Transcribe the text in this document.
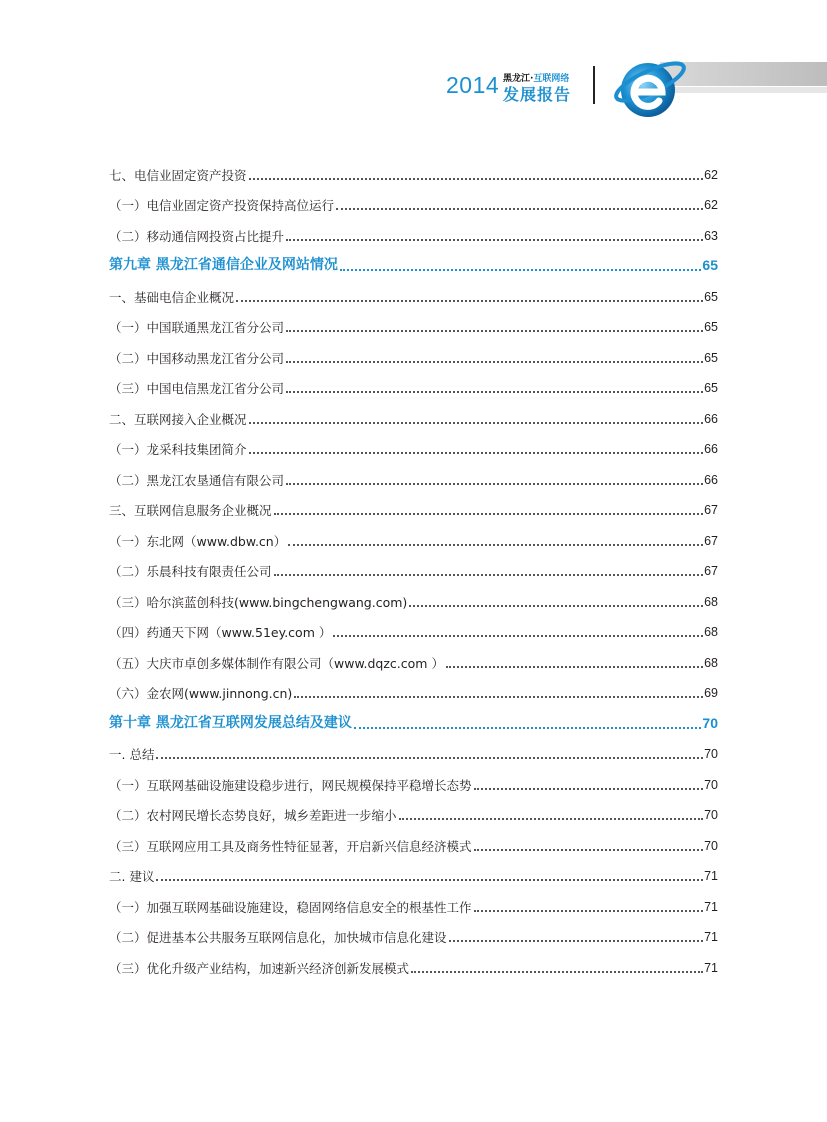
2014 黑龙江·互联网络
发展报告
七、电信业固定资产投资	62
（一）电信业固定资产投资保持高位运行	62
（二）移动通信网投资占比提升	63
第九章 黑龙江省通信企业及网站情况	65
一、基础电信企业概况	65
（一）中国联通黑龙江省分公司	65
（二）中国移动黑龙江省分公司	65
（三）中国电信黑龙江省分公司	65
二、互联网接入企业概况	66
（一）龙采科技集团简介	66
（二）黑龙江农垦通信有限公司	66
三、互联网信息服务企业概况	67
（一）东北网（www.dbw.cn）	67
（二）乐晨科技有限责任公司	67
（三）哈尔滨蓝创科技(www.bingchengwang.com)	68
（四）药通天下网（www.51ey.com ）	68
（五）大庆市卓创多媒体制作有限公司（www.dqzc.com ）	68
（六）金农网(www.jinnong.cn)	69
第十章 黑龙江省互联网发展总结及建议	70
一. 总结	70
（一）互联网基础设施建设稳步进行，网民规模保持平稳增长态势	70
（二）农村网民增长态势良好，城乡差距进一步缩小	70
（三）互联网应用工具及商务性特征显著，开启新兴信息经济模式	70
二. 建议	71
（一）加强互联网基础设施建设，稳固网络信息安全的根基性工作	71
（二）促进基本公共服务互联网信息化，加快城市信息化建设	71
（三）优化升级产业结构，加速新兴经济创新发展模式	71
